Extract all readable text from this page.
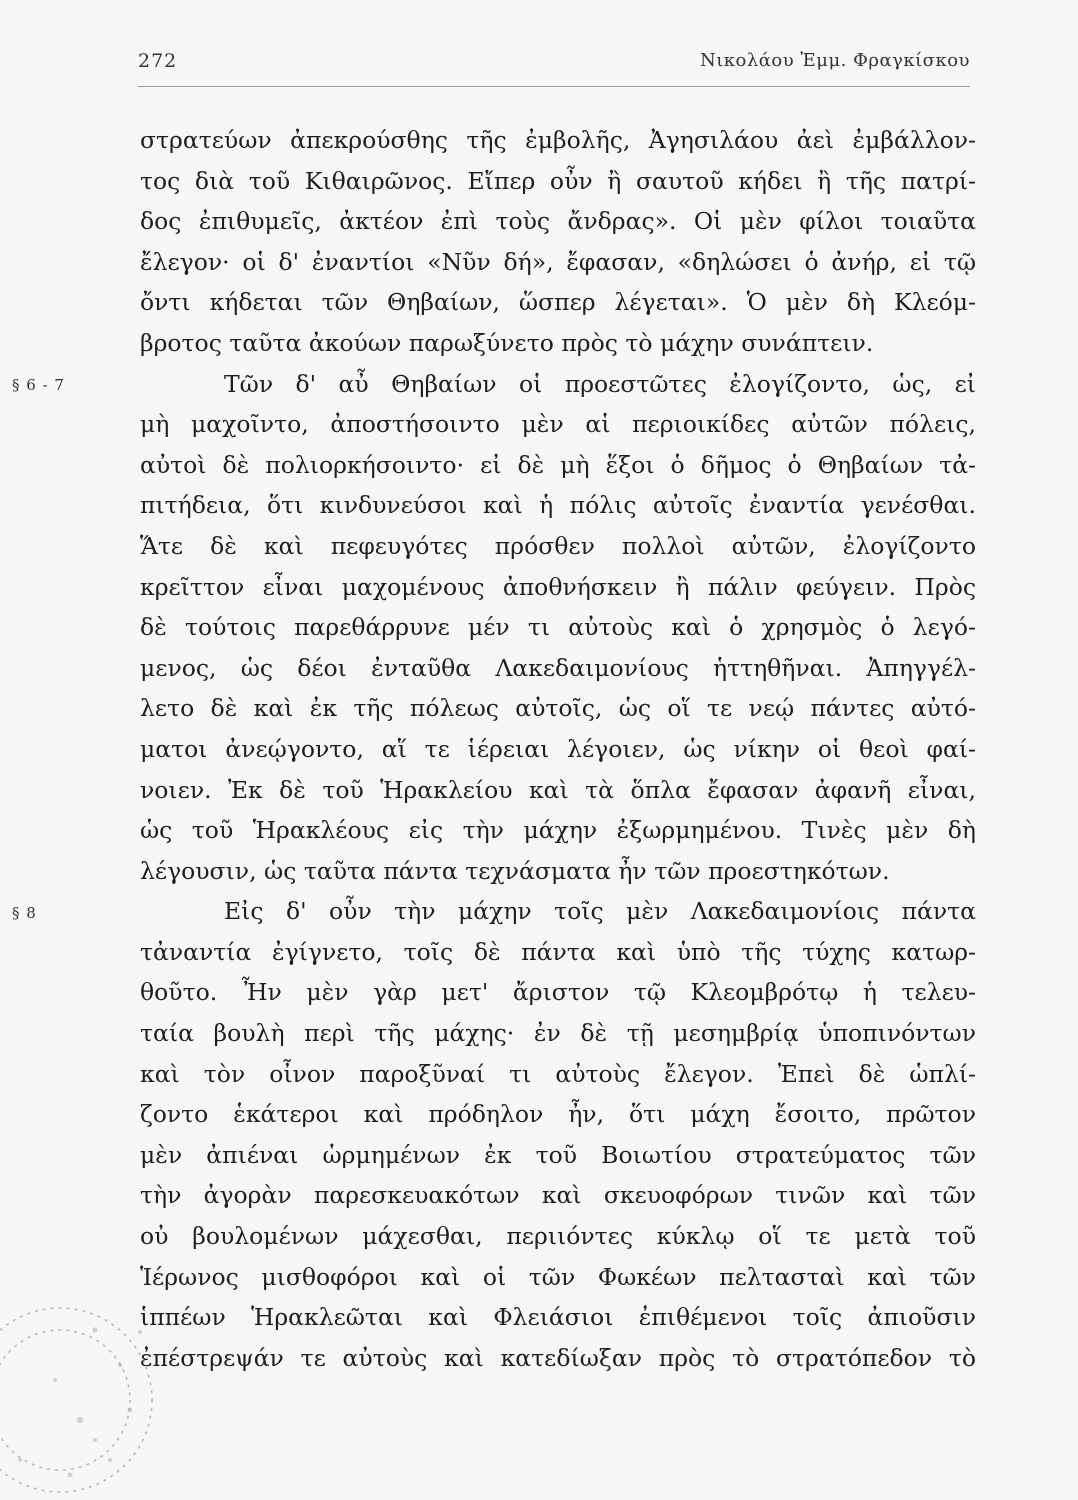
272	Νικολάου Ἐμμ. Φραγκίσκου
§ 6 - 7
§ 8
στρατεύων ἀπεκρούσθης τῆς ἐμβολῆς, Ἀγησιλάου ἀεὶ ἐμβάλλον-
τος διὰ τοῦ Κιθαιρῶνος. Εἴπερ οὖν ἢ σαυτοῦ κήδει ἢ τῆς πατρί-
δος ἐπιθυμεῖς, ἀκτέον ἐπὶ τοὺς ἄνδρας». Οἱ μὲν φίλοι τοιαῦτα
ἔλεγον· οἱ δ' ἐναντίοι «Νῦν δή», ἔφασαν, «δηλώσει ὁ ἀνήρ, εἰ τῷ
ὄντι κήδεται τῶν Θηβαίων, ὥσπερ λέγεται». Ὁ μὲν δὴ Κλεόμ-
βροτος ταῦτα ἀκούων παρωξύνετο πρὸς τὸ μάχην συνάπτειν.
Τῶν δ' αὖ Θηβαίων οἱ προεστῶτες ἐλογίζοντο, ὡς, εἰ
μὴ μαχοῖντο, ἀποστήσοιντο μὲν αἱ περιοικίδες αὐτῶν πόλεις,
αὐτοὶ δὲ πολιορκήσοιντο· εἰ δὲ μὴ ἕξοι ὁ δῆμος ὁ Θηβαίων τἀ-
πιτήδεια, ὅτι κινδυνεύσοι καὶ ἡ πόλις αὐτοῖς ἐναντία γενέσθαι.
Ἅτε δὲ καὶ πεφευγότες πρόσθεν πολλοὶ αὐτῶν, ἐλογίζοντο
κρεῖττον εἶναι μαχομένους ἀποθνήσκειν ἢ πάλιν φεύγειν. Πρὸς
δὲ τούτοις παρεθάρρυνε μέν τι αὐτοὺς καὶ ὁ χρησμὸς ὁ λεγό-
μενος, ὡς δέοι ἐνταῦθα Λακεδαιμονίους ἡττηθῆναι. Ἀπηγγέλ-
λετο δὲ καὶ ἐκ τῆς πόλεως αὐτοῖς, ὡς οἵ τε νεῴ πάντες αὐτό-
ματοι ἀνεῴγοντο, αἵ τε ἱέρειαι λέγοιεν, ὡς νίκην οἱ θεοὶ φαί-
νοιεν. Ἐκ δὲ τοῦ Ἡρακλείου καὶ τὰ ὅπλα ἔφασαν ἀφανῆ εἶναι,
ὡς τοῦ Ἡρακλέους εἰς τὴν μάχην ἐξωρμημένου. Τινὲς μὲν δὴ
λέγουσιν, ὡς ταῦτα πάντα τεχνάσματα ἦν τῶν προεστηκότων.
Εἰς δ' οὖν τὴν μάχην τοῖς μὲν Λακεδαιμονίοις πάντα
τἀναντία ἐγίγνετο, τοῖς δὲ πάντα καὶ ὑπὸ τῆς τύχης κατωρ-
θοῦτο. Ἦν μὲν γὰρ μετ' ἄριστον τῷ Κλεομβρότῳ ἡ τελευ-
ταία βουλὴ περὶ τῆς μάχης· ἐν δὲ τῇ μεσημβρίᾳ ὑποπινόντων
καὶ τὸν οἶνον παροξῦναί τι αὐτοὺς ἔλεγον. Ἐπεὶ δὲ ὡπλί-
ζοντο ἑκάτεροι καὶ πρόδηλον ἦν, ὅτι μάχη ἔσοιτο, πρῶτον
μὲν ἀπιέναι ὡρμημένων ἐκ τοῦ Βοιωτίου στρατεύματος τῶν
τὴν ἀγορὰν παρεσκευακότων καὶ σκευοφόρων τινῶν καὶ τῶν
οὐ βουλομένων μάχεσθαι, περιιόντες κύκλῳ οἵ τε μετὰ τοῦ
Ἱέρωνος μισθοφόροι καὶ οἱ τῶν Φωκέων πελτασταὶ καὶ τῶν
ἱππέων Ἡρακλεῶται καὶ Φλειάσιοι ἐπιθέμενοι τοῖς ἀπιοῦσιν
ἐπέστρεψάν τε αὐτοὺς καὶ κατεδίωξαν πρὸς τὸ στρατόπεδον τὸ
